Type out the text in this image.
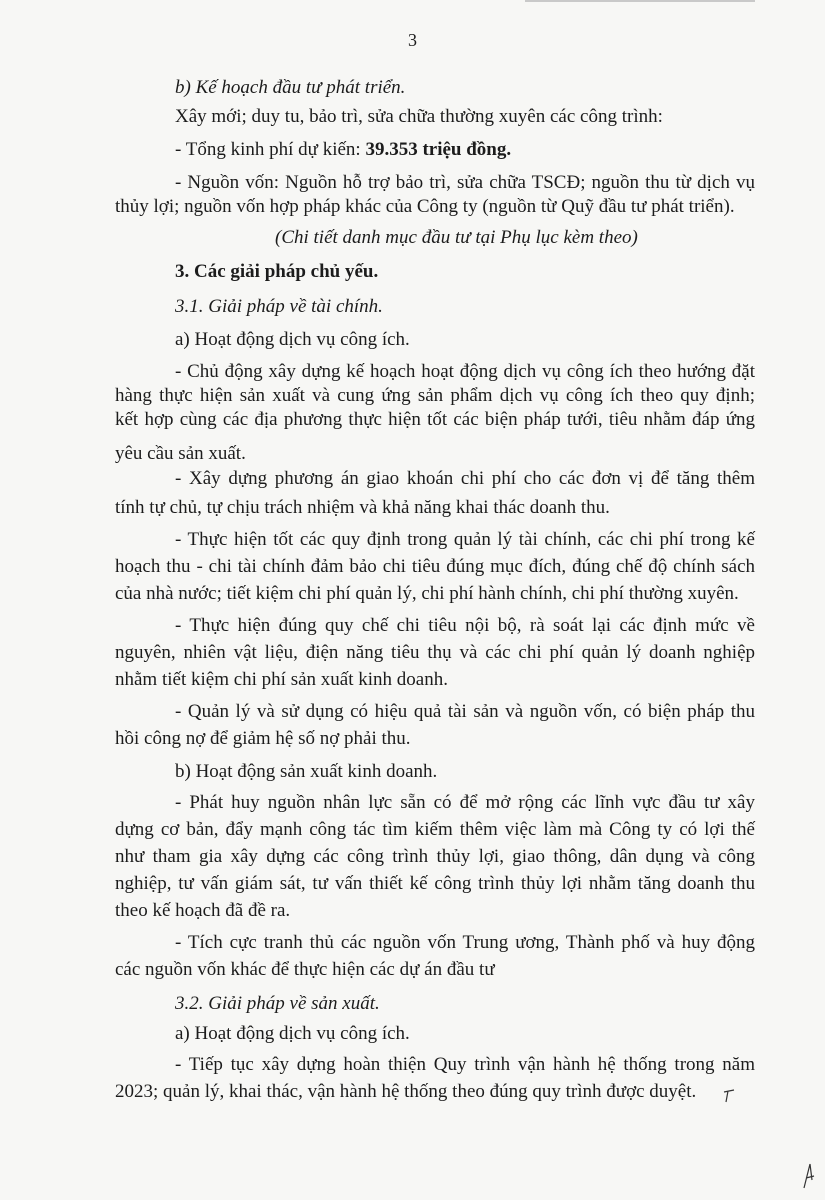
3
b) Kế hoạch đầu tư phát triển.
Xây mới; duy tu, bảo trì, sửa chữa thường xuyên các công trình:
- Tổng kinh phí dự kiến: 39.353 triệu đồng.
- Nguồn vốn: Nguồn hỗ trợ bảo trì, sửa chữa TSCĐ; nguồn thu từ dịch vụ
thủy lợi; nguồn vốn hợp pháp khác của Công ty (nguồn từ Quỹ đầu tư phát triển).
(Chi tiết danh mục đầu tư tại Phụ lục kèm theo)
3. Các giải pháp chủ yếu.
3.1. Giải pháp về tài chính.
a) Hoạt động dịch vụ công ích.
- Chủ động xây dựng kế hoạch hoạt động dịch vụ công ích theo hướng đặt
hàng thực hiện sản xuất và cung ứng sản phẩm dịch vụ công ích theo quy định;
kết hợp cùng các địa phương thực hiện tốt các biện pháp tưới, tiêu nhằm đáp ứng
yêu cầu sản xuất.
- Xây dựng phương án giao khoán chi phí cho các đơn vị để tăng thêm
tính tự chủ, tự chịu trách nhiệm và khả năng khai thác doanh thu.
- Thực hiện tốt các quy định trong quản lý tài chính, các chi phí trong kế
hoạch thu - chi tài chính đảm bảo chi tiêu đúng mục đích, đúng chế độ chính sách
của nhà nước; tiết kiệm chi phí quản lý, chi phí hành chính, chi phí thường xuyên.
- Thực hiện đúng quy chế chi tiêu nội bộ, rà soát lại các định mức về
nguyên, nhiên vật liệu, điện năng tiêu thụ và các chi phí quản lý doanh nghiệp
nhằm tiết kiệm chi phí sản xuất kinh doanh.
- Quản lý và sử dụng có hiệu quả tài sản và nguồn vốn, có biện pháp thu
hồi công nợ để giảm hệ số nợ phải thu.
b) Hoạt động sản xuất kinh doanh.
- Phát huy nguồn nhân lực sẵn có để mở rộng các lĩnh vực đầu tư xây
dựng cơ bản, đẩy mạnh công tác tìm kiếm thêm việc làm mà Công ty có lợi thế
như tham gia xây dựng các công trình thủy lợi, giao thông, dân dụng và công
nghiệp, tư vấn giám sát, tư vấn thiết kế công trình thủy lợi nhằm tăng doanh thu
theo kế hoạch đã đề ra.
- Tích cực tranh thủ các nguồn vốn Trung ương, Thành phố và huy động
các nguồn vốn khác để thực hiện các dự án đầu tư
3.2. Giải pháp về sản xuất.
a) Hoạt động dịch vụ công ích.
- Tiếp tục xây dựng hoàn thiện Quy trình vận hành hệ thống trong năm
2023; quản lý, khai thác, vận hành hệ thống theo đúng quy trình được duyệt.
